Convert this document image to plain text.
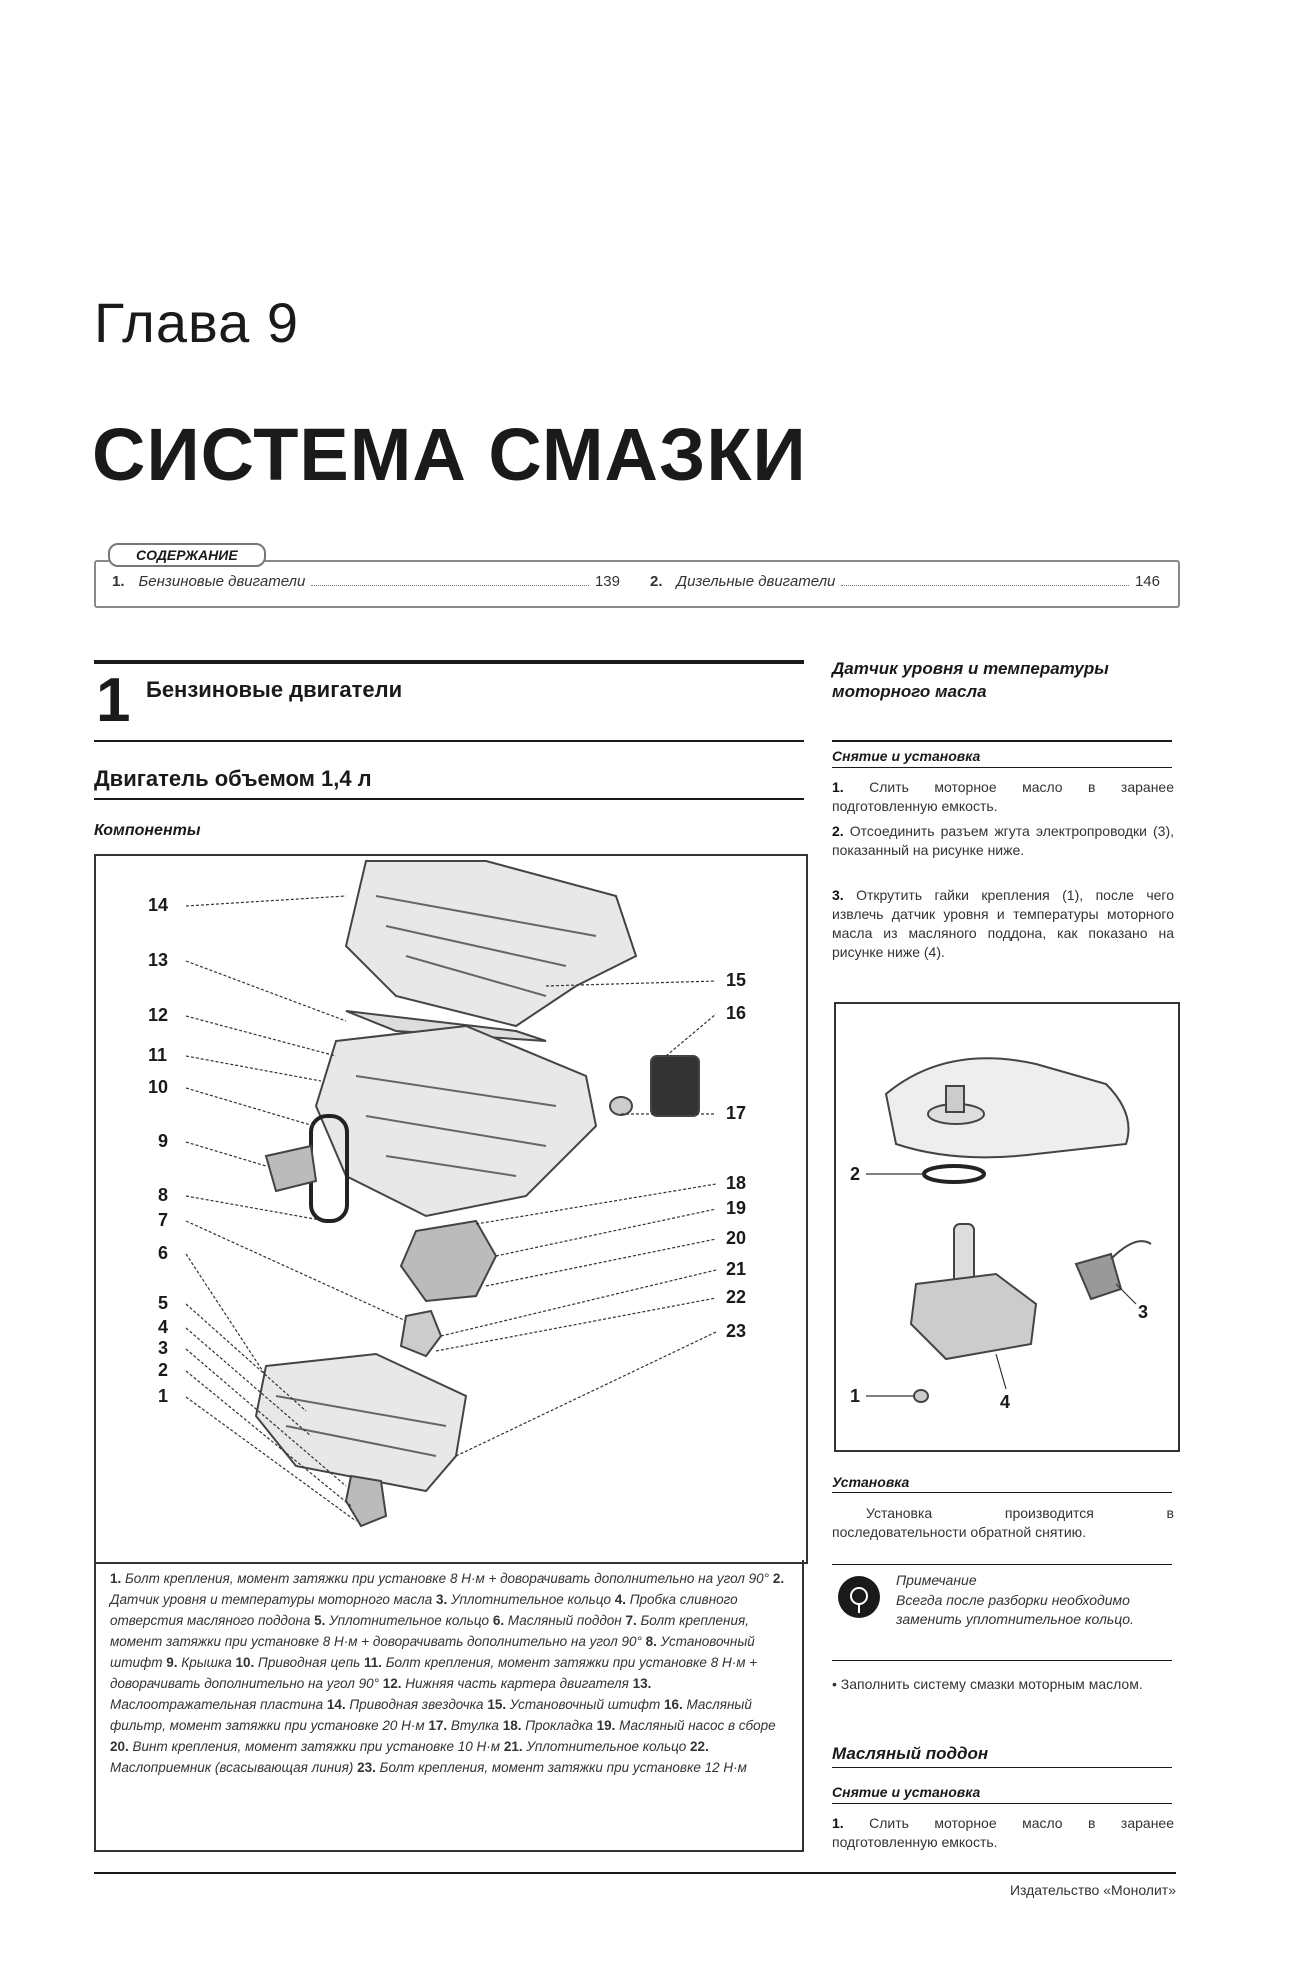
Глава 9
СИСТЕМА СМАЗКИ
СОДЕРЖАНИЕ
1. Бензиновые двигатели	139 2. Дизельные двигатели	146
1 Бензиновые двигатели
Двигатель объемом 1,4 л
Компоненты
14
13
12
11
10
9
8
7
6
5
4
3
2
1
15
16
17
18
19
20
21
22
23
1. Болт крепления, момент затяжки при установке 8 Н·м + доворачивать дополнительно на угол 90° 2. Датчик уровня и температуры моторного масла 3. Уплотнительное кольцо 4. Пробка сливного отверстия масляного поддона 5. Уплотнительное кольцо 6. Масляный поддон 7. Болт крепления, момент затяжки при установке 8 Н·м + доворачивать дополнительно на угол 90° 8. Установочный штифт 9. Крышка 10. Приводная цепь 11. Болт крепления, момент затяжки при установке 8 Н·м + доворачивать дополнительно на угол 90° 12. Нижняя часть картера двигателя 13. Маслоотражательная пластина 14. Приводная звездочка 15. Установочный штифт 16. Масляный фильтр, момент затяжки при установке 20 Н·м 17. Втулка 18. Прокладка 19. Масляный насос в сборе 20. Винт крепления, момент затяжки при установке 10 Н·м 21. Уплотнительное кольцо 22. Маслоприемник (всасывающая линия) 23. Болт крепления, момент затяжки при установке 12 Н·м
Датчик уровня и температуры моторного масла
Снятие и установка
1. Слить моторное масло в заранее подготовленную емкость.
2. Отсоединить разъем жгута электропроводки (3), показанный на рисунке ниже.
3. Открутить гайки крепления (1), после чего извлечь датчик уровня и температуры моторного масла из масляного поддона, как показано на рисунке ниже (4).
2
3
4
1
Установка
Установка производится в последовательности обратной снятию.
Примечание
Всегда после разборки необходимо заменить уплотнительное кольцо.
• Заполнить систему смазки моторным маслом.
Масляный поддон
Снятие и установка
1. Слить моторное масло в заранее подготовленную емкость.
Издательство «Монолит»
